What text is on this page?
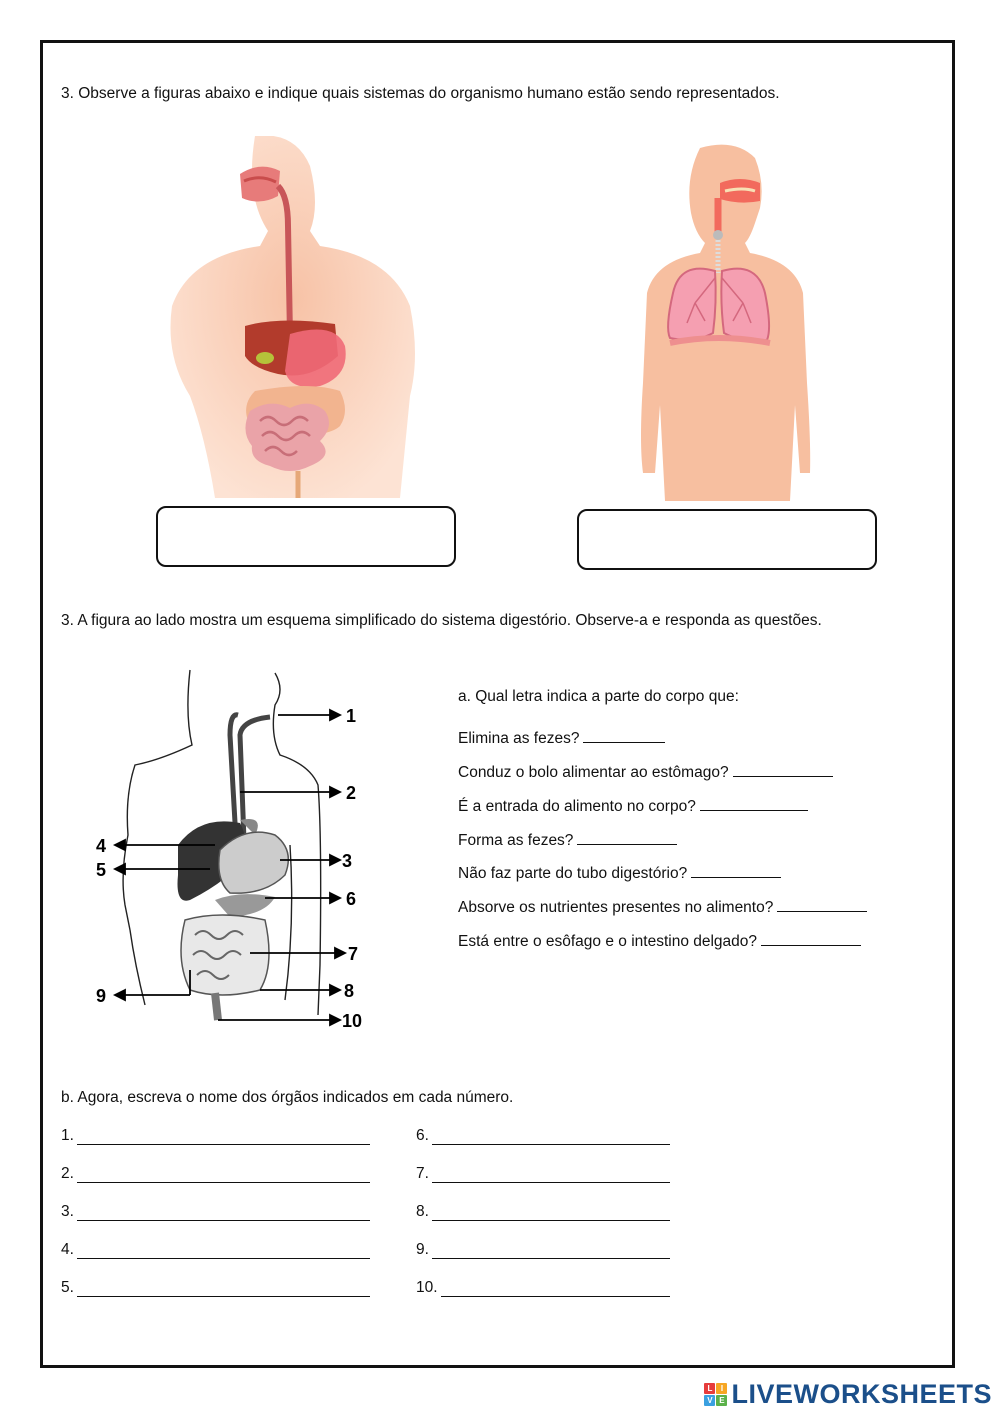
3. Observe a figuras abaixo e indique quais sistemas do organismo humano estão sendo representados.
3. A figura ao lado mostra um esquema simplificado do sistema digestório. Observe-a e responda as questões.
1
2
3
4
5
6
7
8
9
10
a. Qual letra indica a parte do corpo que:
Elimina as fezes?
Conduz o bolo alimentar ao estômago?
É a entrada do alimento no corpo?
Forma as fezes?
Não faz parte do tubo digestório?
Absorve os nutrientes presentes no alimento?
Está entre o esôfago e o intestino delgado?
b. Agora, escreva o nome dos órgãos indicados em cada número.
1.
2.
3.
4.
5.
6.
7.
8.
9.
10.
L	I
V E LIVEWORKSHEETS
